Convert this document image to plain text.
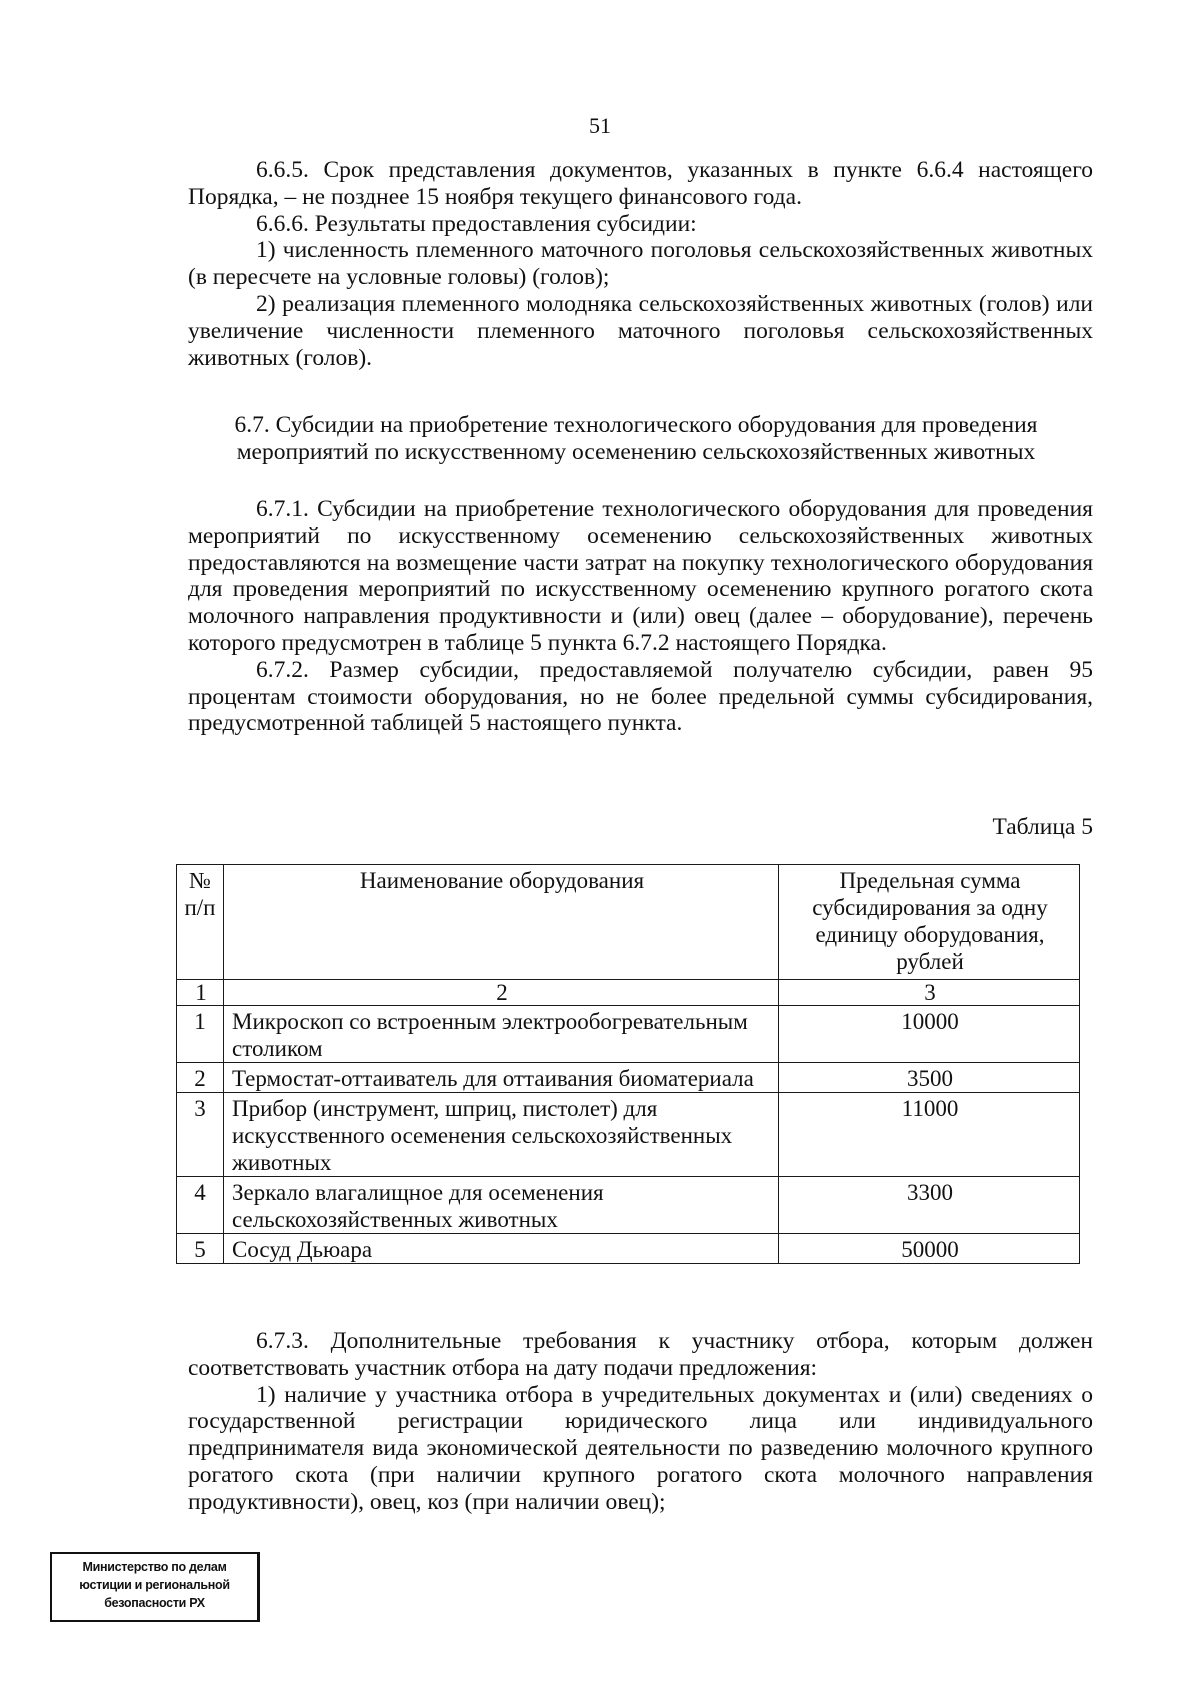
51

6.6.5. Срок представления документов, указанных в пункте 6.6.4 настоящего Порядка, – не позднее 15 ноября текущего финансового года.

6.6.6. Результаты предоставления субсидии:

1) численность племенного маточного поголовья сельскохозяйственных животных (в пересчете на условные головы) (голов);

2) реализация племенного молодняка сельскохозяйственных животных (голов) или увеличение численности племенного маточного поголовья сельскохозяйственных животных (голов).

6.7. Субсидии на приобретение технологического оборудования для проведения мероприятий по искусственному осеменению сельскохозяйственных животных

6.7.1. Субсидии на приобретение технологического оборудования для проведения мероприятий по искусственному осеменению сельскохозяйственных животных предоставляются на возмещение части затрат на покупку технологического оборудования для проведения мероприятий по искусственному осеменению крупного рогатого скота молочного направления продуктивности и (или) овец (далее – оборудование), перечень которого предусмотрен в таблице 5 пункта 6.7.2 настоящего Порядка.

6.7.2. Размер субсидии, предоставляемой получателю субсидии, равен 95 процентам стоимости оборудования, но не более предельной суммы субсидирования, предусмотренной таблицей 5 настоящего пункта.

Таблица 5
№ п/п	Наименование оборудования	Предельная сумма субсидирования за одну единицу оборудования, рублей
1	2	3
1	Микроскоп со встроенным электрообогревательным столиком	10000
2	Термостат-оттаиватель для оттаивания биоматериала	3500
3	Прибор (инструмент, шприц, пистолет) для искусственного осеменения сельскохозяйственных животных	11000
4	Зеркало влагалищное для осеменения сельскохозяйственных животных	3300
5	Сосуд Дьюара	50000

6.7.3. Дополнительные требования к участнику отбора, которым должен соответствовать участник отбора на дату подачи предложения:

1) наличие у участника отбора в учредительных документах и (или) сведениях о государственной регистрации юридического лица или индивидуального предпринимателя вида экономической деятельности по разведению молочного крупного рогатого скота (при наличии крупного рогатого скота молочного направления продуктивности), овец, коз (при наличии овец);

Министерство по делам
юстиции и региональной
безопасности РХ
